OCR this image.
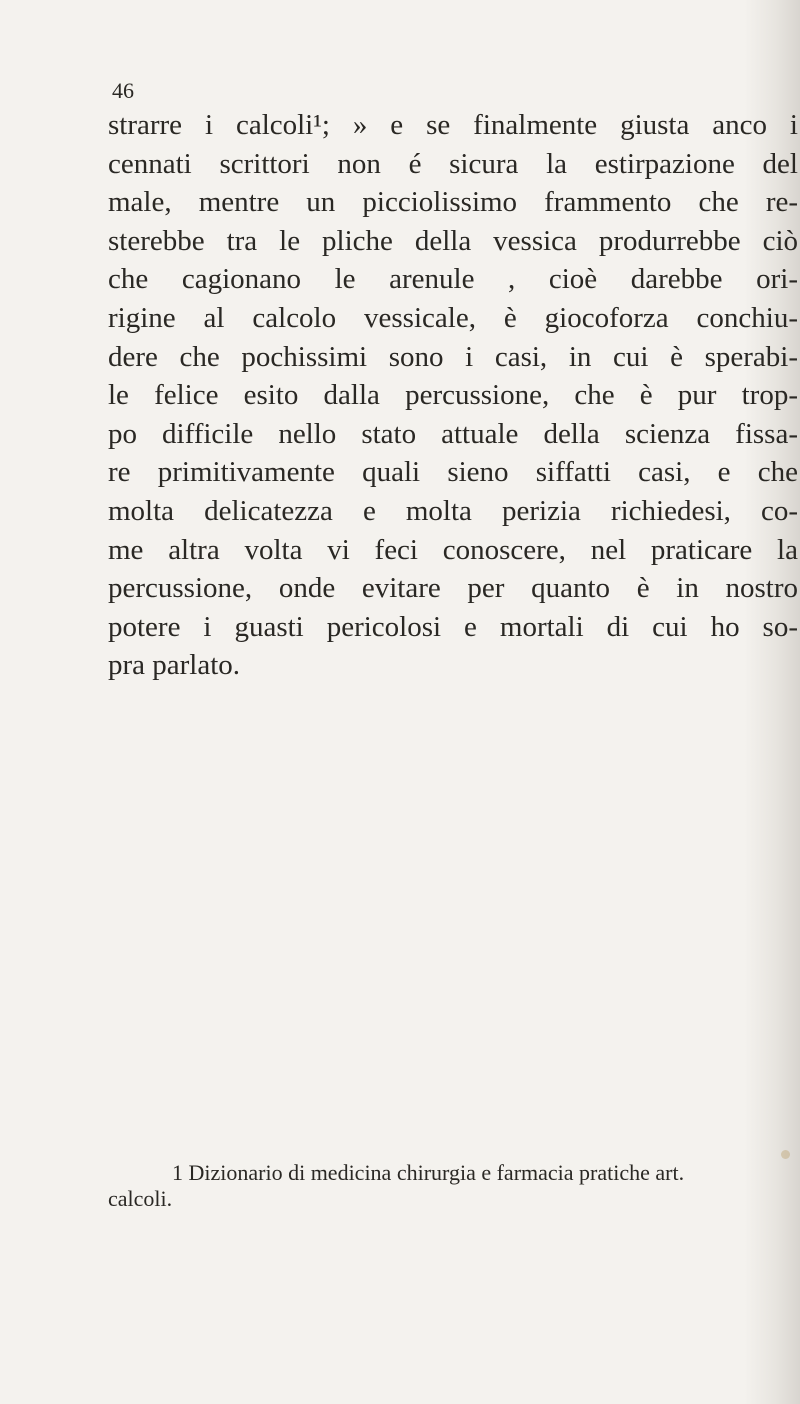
46
strarre i calcoli¹; » e se finalmente giusta anco i
cennati scrittori non é sicura la estirpazione del
male, mentre un picciolissimo frammento che re-
sterebbe tra le pliche della vessica produrrebbe ciò
che cagionano le arenule , cioè darebbe ori-
rigine al calcolo vessicale, è giocoforza conchiu-
dere che pochissimi sono i casi, in cui è sperabi-
le felice esito dalla percussione, che è pur trop-
po difficile nello stato attuale della scienza fissa-
re primitivamente quali sieno siffatti casi, e che
molta delicatezza e molta perizia richiedesi, co-
me altra volta vi feci conoscere, nel praticare la
percussione, onde evitare per quanto è in nostro
potere i guasti pericolosi e mortali di cui ho so-
pra parlato.
1 Dizionario di medicina chirurgia e farmacia pratiche art.
calcoli.
